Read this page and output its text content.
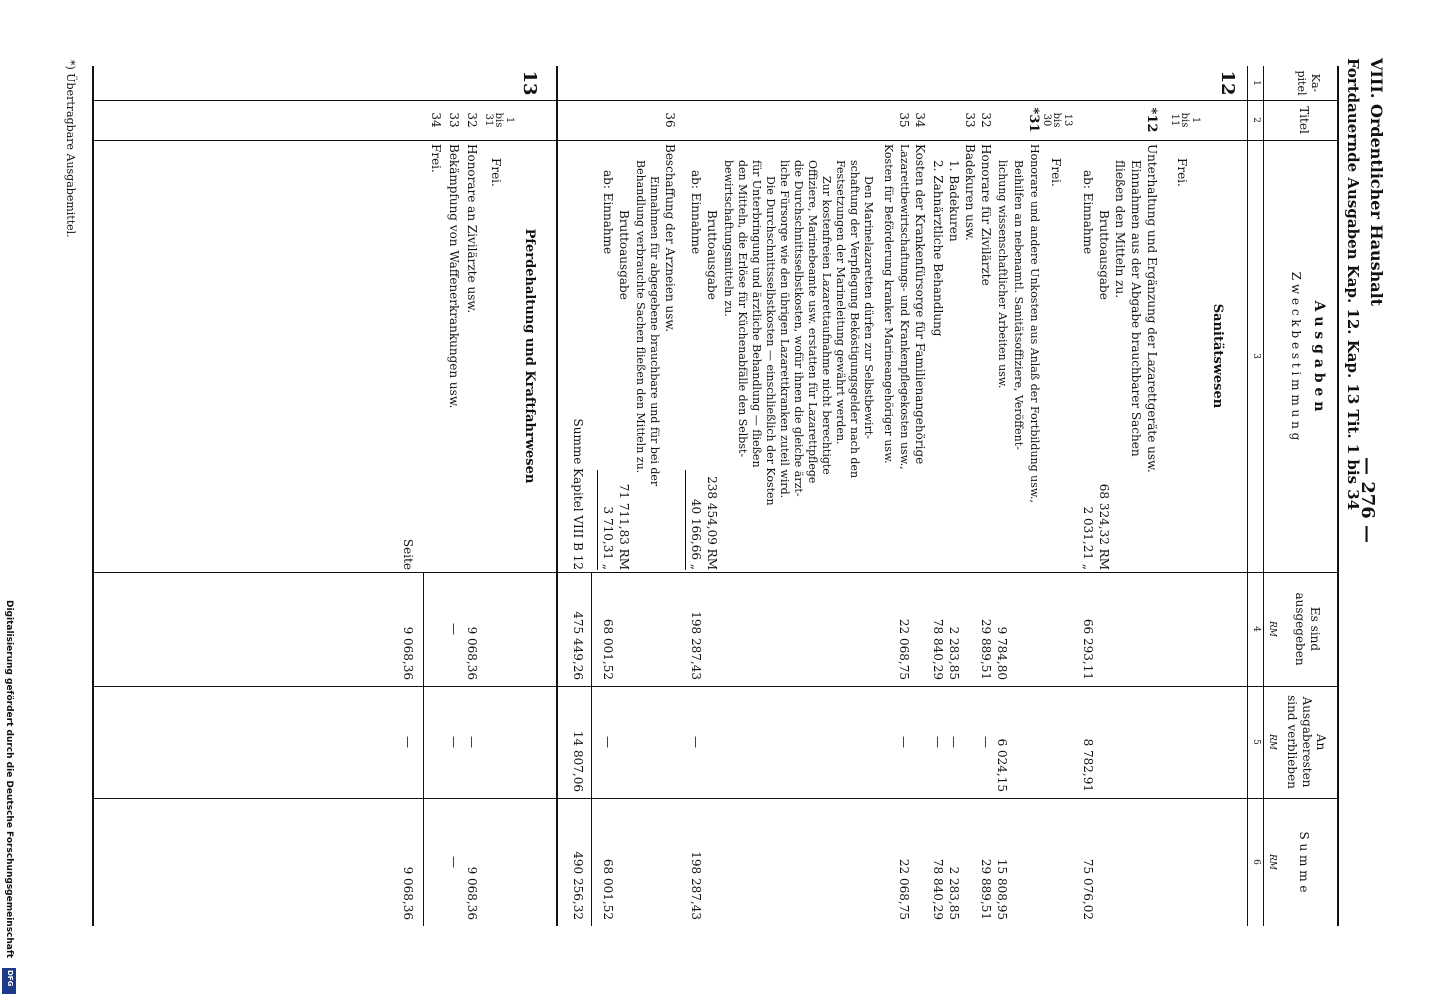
— 276 —
VIII. Ordentlicher Haushalt
Fortdauernde Ausgaben Kap. 12. Kap. 13 Tit. 1 bis 34
Ka-
pitel
Titel
A u s g a b e n
Z w e c k b e s t i m m u n g
Es sind
ausgegeben
An
Ausgaberesten
sind verblieben
S u m m e
RM
RM
RM
1
2
3
4
5
6
12
Sanitätswesen
1
bis
11
Frei.
*12
Unterhaltung und Ergänzung der Lazarettgeräte usw.
Einnahmen aus der Abgabe brauchbarer Sachen
fließen den Mitteln zu.
Bruttoausgabe
68 324,32 RM
ab: Einnahme
2 031,21 „
66 293,11
8 782,91
75 076,02
13
bis
30
Frei.
*31
Honorare und andere Unkosten aus Anlaß der Fortbildung usw.,
Beihilfen an nebenamtl. Sanitätsoffiziere, Veröffent-
lichung wissenschaftlicher Arbeiten usw.
9 784,80
6 024,15
15 808,95
32
Honorare für Zivilärzte
29 889,51
—
29 889,51
33
Badekuren usw.
1. Badekuren
2 283,85
—
2 283,85
2. Zahnärztliche Behandlung
78 840,29
—
78 840,29
34
Kosten der Krankenfürsorge für Familienangehörige
35
Lazarettbewirtschaftungs- und Krankenpflegekosten usw.,
Kosten für Beförderung kranker Marineangehöriger usw.
22 068,75
—
22 068,75
Den Marinelazaretten dürfen zur Selbstbewirt-
schaftung der Verpflegung Beköstigungsgelder nach den
Festsetzungen der Marineleitung gewährt werden.
Zur kostenfreien Lazarettaufnahme nicht berechtigte
Offiziere, Marinebeamte usw. erstatten für Lazarettpflege
die Durchschnittsselbstkosten, wofür ihnen die gleiche ärzt-
liche Fürsorge wie den übrigen Lazarettkranken zuteil wird.
Die Durchschnittsselbstkosten — einschließlich der Kosten
für Unterbringung und ärztliche Behandlung — fließen
den Mitteln, die Erlöse für Küchenabfälle den Selbst-
bewirtschaftungsmitteln zu.
Bruttoausgabe
238 454,09 RM
ab: Einnahme
40 166,66 „
198 287,43
—
198 287,43
36
Beschaffung der Arzneien usw.
Einnahmen für abgegebene brauchbare und für bei der
Behandlung verbrauchte Sachen fließen den Mitteln zu.
Bruttoausgabe
71 711,83 RM
ab: Einnahme
3 710,31 „
68 001,52
—
68 001,52
Summe Kapitel VIII B 12
475 449,26
14 807,06
490 256,32
13
Pferdehaltung und Kraftfahrwesen
1
bis
31
Frei.
32
Honorare an Zivilärzte usw.
9 068,36
—
9 068,36
33
Bekämpfung von Waffenerkrankungen usw.
—
—
—
34
Frei.
Seite
9 068,36
—
9 068,36
*) Übertragbare Ausgabemittel.
Digitalisierung gefördert durch die Deutsche Forschungsgemeinschaft
DFG
